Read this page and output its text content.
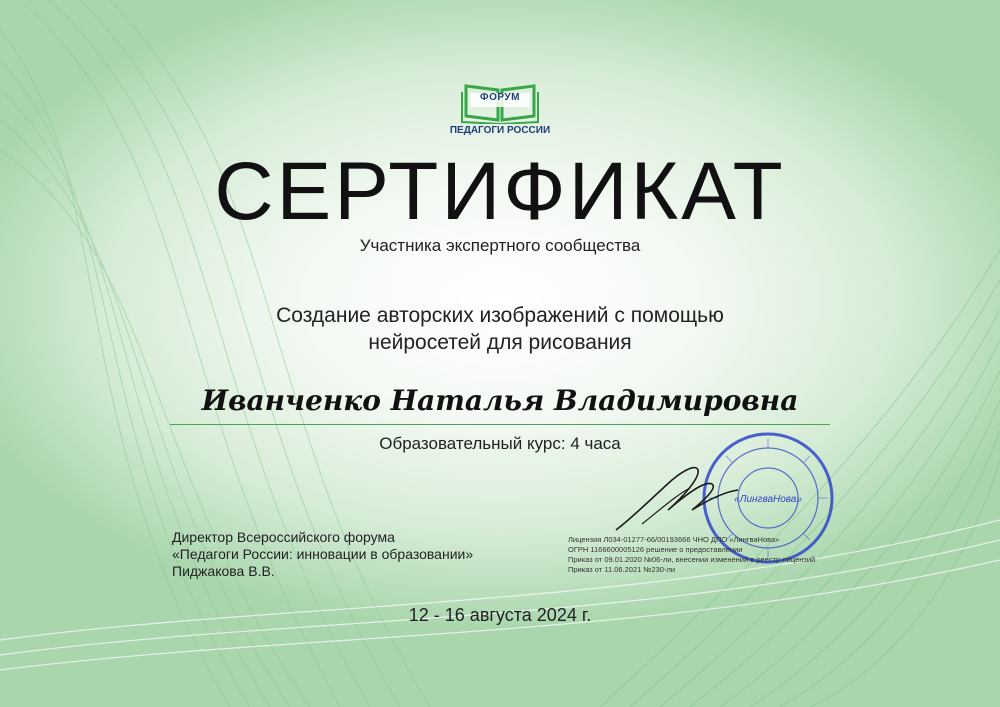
ФОРУМ
ПЕДАГОГИ РОССИИ
СЕРТИФИКАТ
Участника экспертного сообщества
Создание авторских изображений с помощью
нейросетей для рисования
Иванченко Наталья Владимировна
Образовательный курс: 4 часа
Директор Всероссийского форума
«Педагоги России: инновации в образовании»
Пиджакова В.В.
«ЛингваНова»
Лицензия Л034-01277-66/00193666 ЧНО ДПО «ЛингваНова»
ОГРН 1166600005126 решение о предоставлении
Приказ от 09.01.2020 №06-ли, внесении изменений в реестр лицензий
Приказ от 11.06.2021 №230-ли
12 - 16 августа 2024 г.
